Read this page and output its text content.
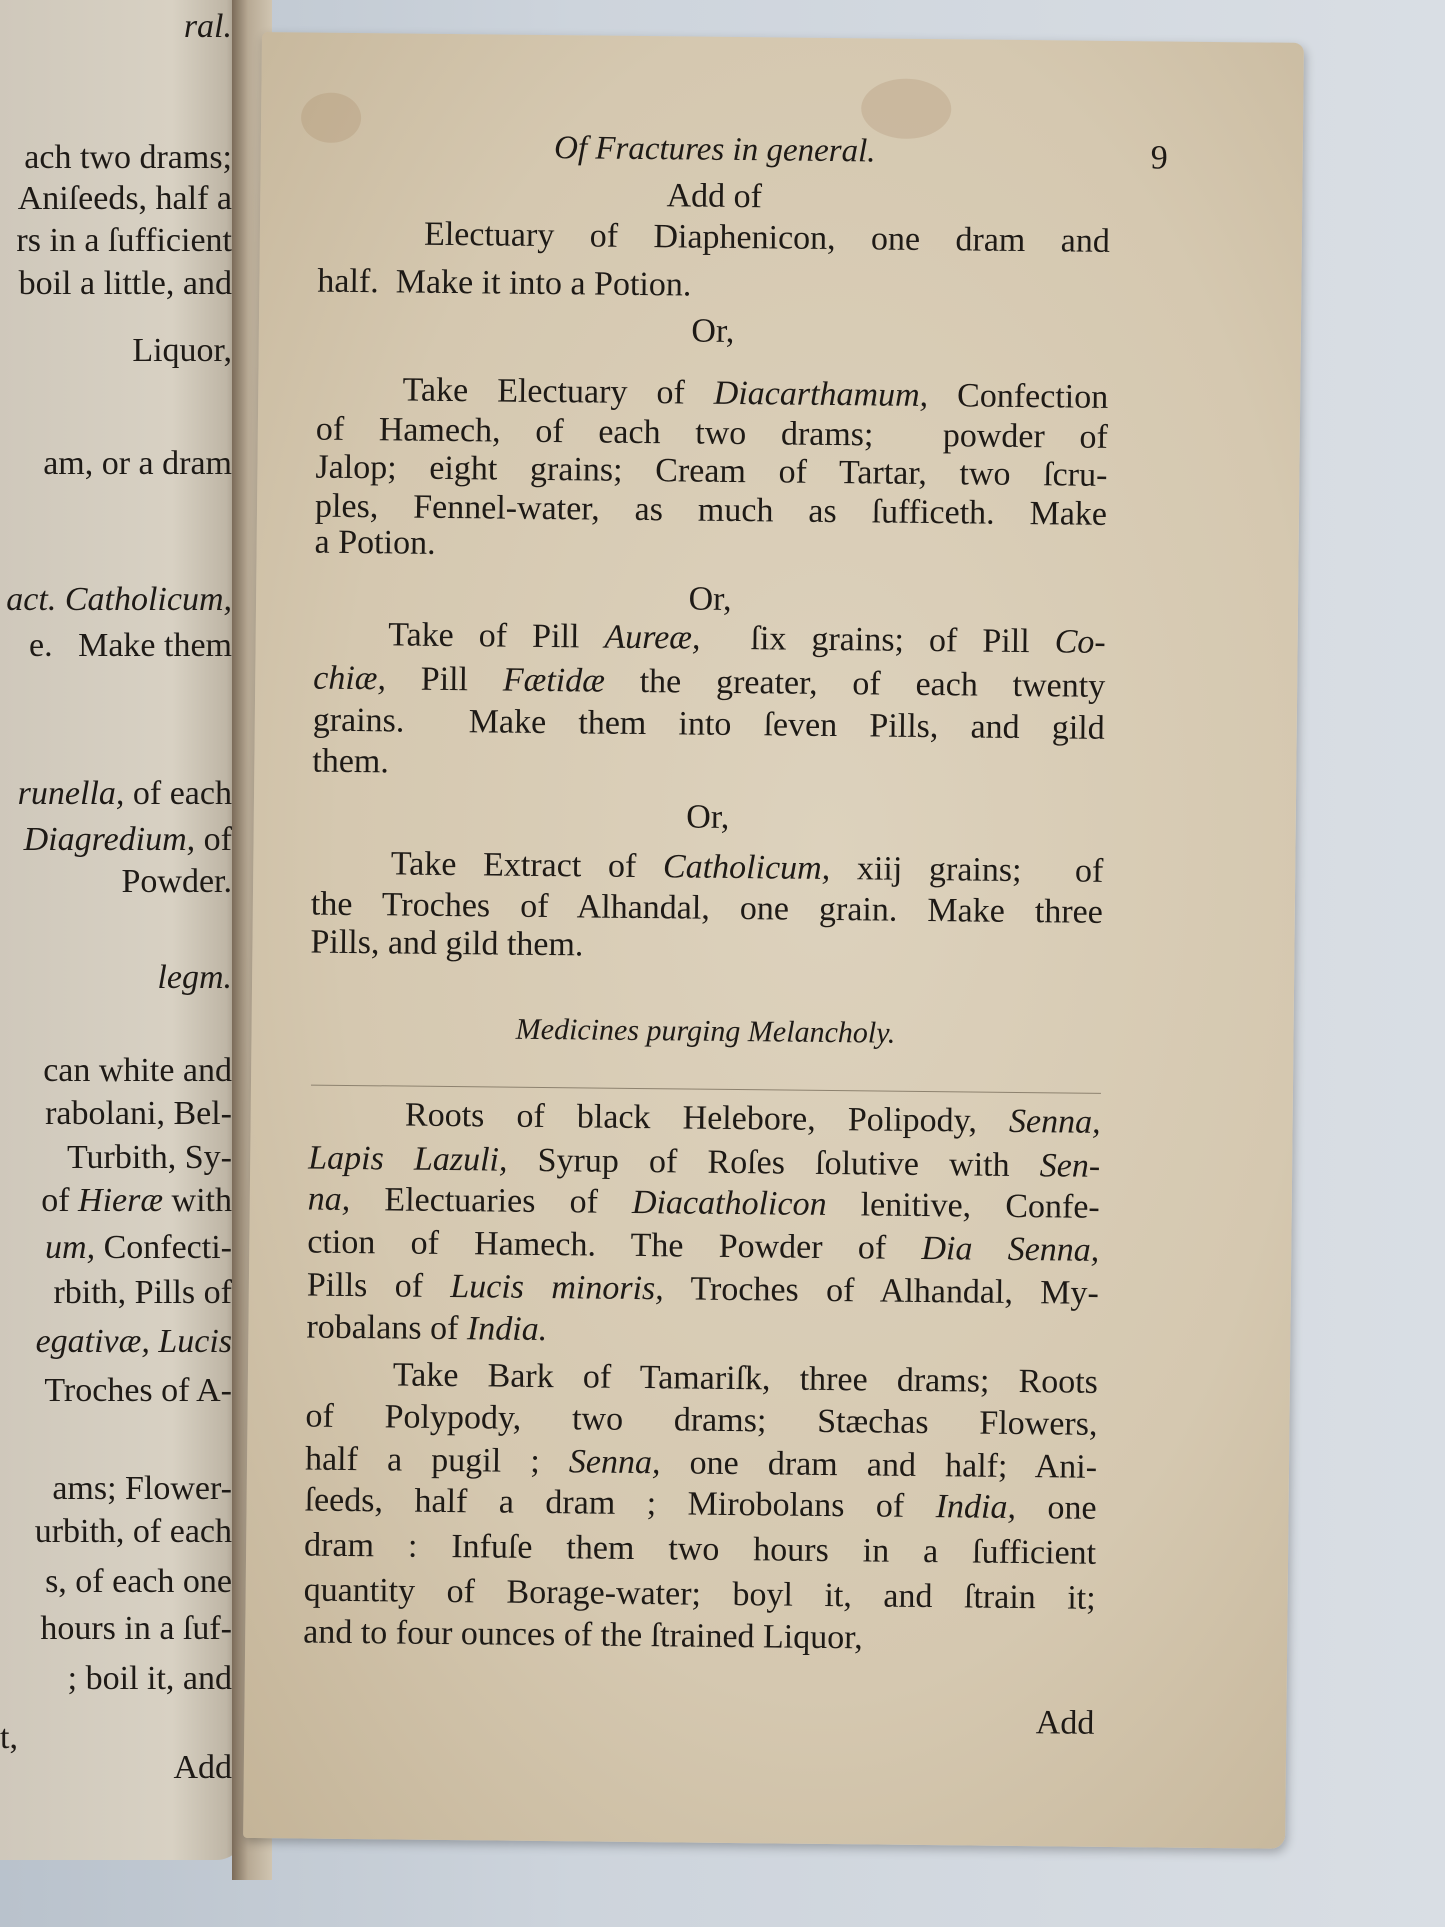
ral.
ach two drams;
Aniſeeds, half a
rs in a ſufficient
boil a little, and
Liquor,
am, or a dram
act. Catholicum,
e.   Make them
runella, of each
Diagredium, of
Powder.
legm.
can white and
rabolani, Bel-
Turbith, Sy-
of Hieræ with
um, Confecti-
rbith, Pills of
egativæ, Lucis
Troches of A-
ams; Flower-
urbith, of each
s, of each one
hours in a ſuf-
; boil it, and
t,
Add
Of Fractures in general.	9
Add of
Electuary of Diaphenicon, one dram and
half.  Make it into a Potion.
Or,
Take Electuary of Diacarthamum, Confection
of Hamech, of each two drams;  powder of
Jalop; eight grains; Cream of Tartar, two ſcru-
ples, Fennel-water, as much as ſufficeth. Make
a Potion.
Or,
Take of Pill Aureæ,  ſix grains; of Pill Co-
chiæ, Pill Fætidæ the greater, of each twenty
grains.  Make them into ſeven Pills, and gild
them.
Or,
Take Extract of Catholicum, xiij grains;  of
the Troches of Alhandal, one grain. Make three
Pills, and gild them.
Medicines purging Melancholy.
Roots of black Helebore, Polipody, Senna,
Lapis Lazuli, Syrup of Roſes ſolutive with Sen-
na, Electuaries of Diacatholicon lenitive, Confe-
ction of Hamech. The Powder of Dia Senna,
Pills of Lucis minoris, Troches of Alhandal, My-
robalans of India.
Take Bark of Tamariſk, three drams; Roots
of Polypody, two drams; Stæchas Flowers,
half a pugil ; Senna, one dram and half; Ani-
ſeeds, half a dram ; Mirobolans of India, one
dram : Infuſe them two hours in a ſufficient
quantity of Borage-water; boyl it, and ſtrain it;
and to four ounces of the ſtrained Liquor,
Add
